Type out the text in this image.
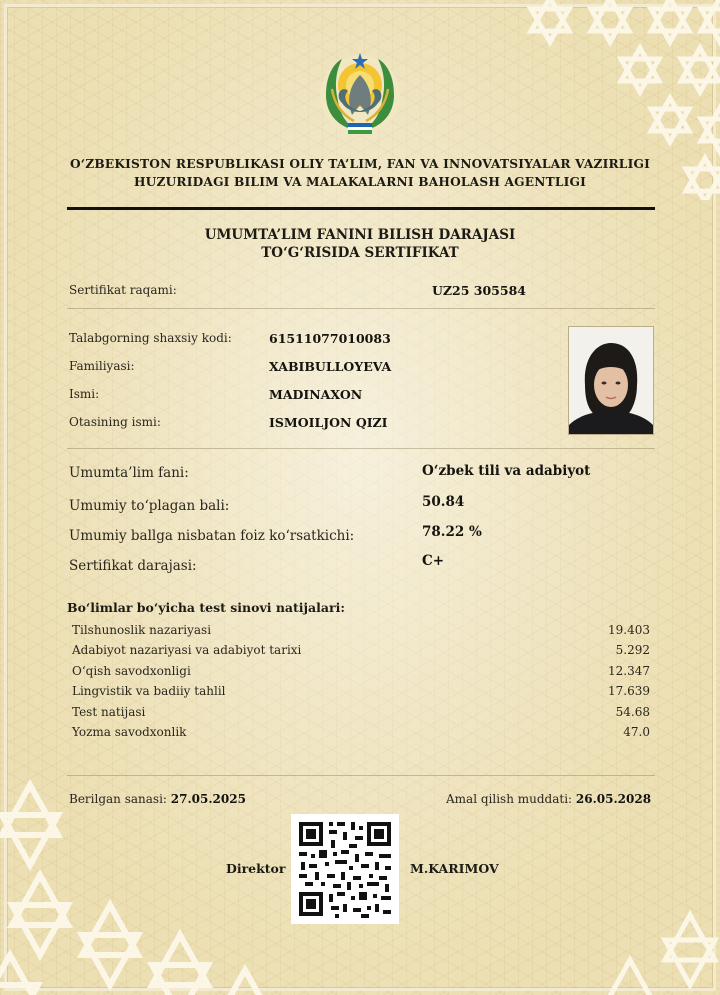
O‘ZBEKISTON RESPUBLIKASI OLIY TA’LIM, FAN VA INNOVATSIYALAR VAZIRLIGI
HUZURIDAGI BILIM VA MALAKALARNI BAHOLASH AGENTLIGI
UMUMTA’LIM FANINI BILISH DARAJASI
TO‘G‘RISIDA SERTIFIKAT
Sertifikat raqami:	UZ25 305584
Talabgorning shaxsiy kodi:	61511077010083
Familiyasi:	XABIBULLOYEVA
Ismi:	MADINAXON
Otasining ismi:	ISMOILJON QIZI
Umumta’lim fani:	O‘zbek tili va adabiyot
Umumiy to‘plagan bali:	50.84
Umumiy ballga nisbatan foiz ko‘rsatkichi:	78.22 %
Sertifikat darajasi:	C+
Bo‘limlar bo‘yicha test sinovi natijalari:
Tilshunoslik nazariyasi	19.403
Adabiyot nazariyasi va adabiyot tarixi	5.292
O‘qish savodxonligi	12.347
Lingvistik va badiiy tahlil	17.639
Test natijasi	54.68
Yozma savodxonlik	47.0
Berilgan sanasi: 27.05.2025	Amal qilish muddati: 26.05.2028
Direktor	M.KARIMOV
